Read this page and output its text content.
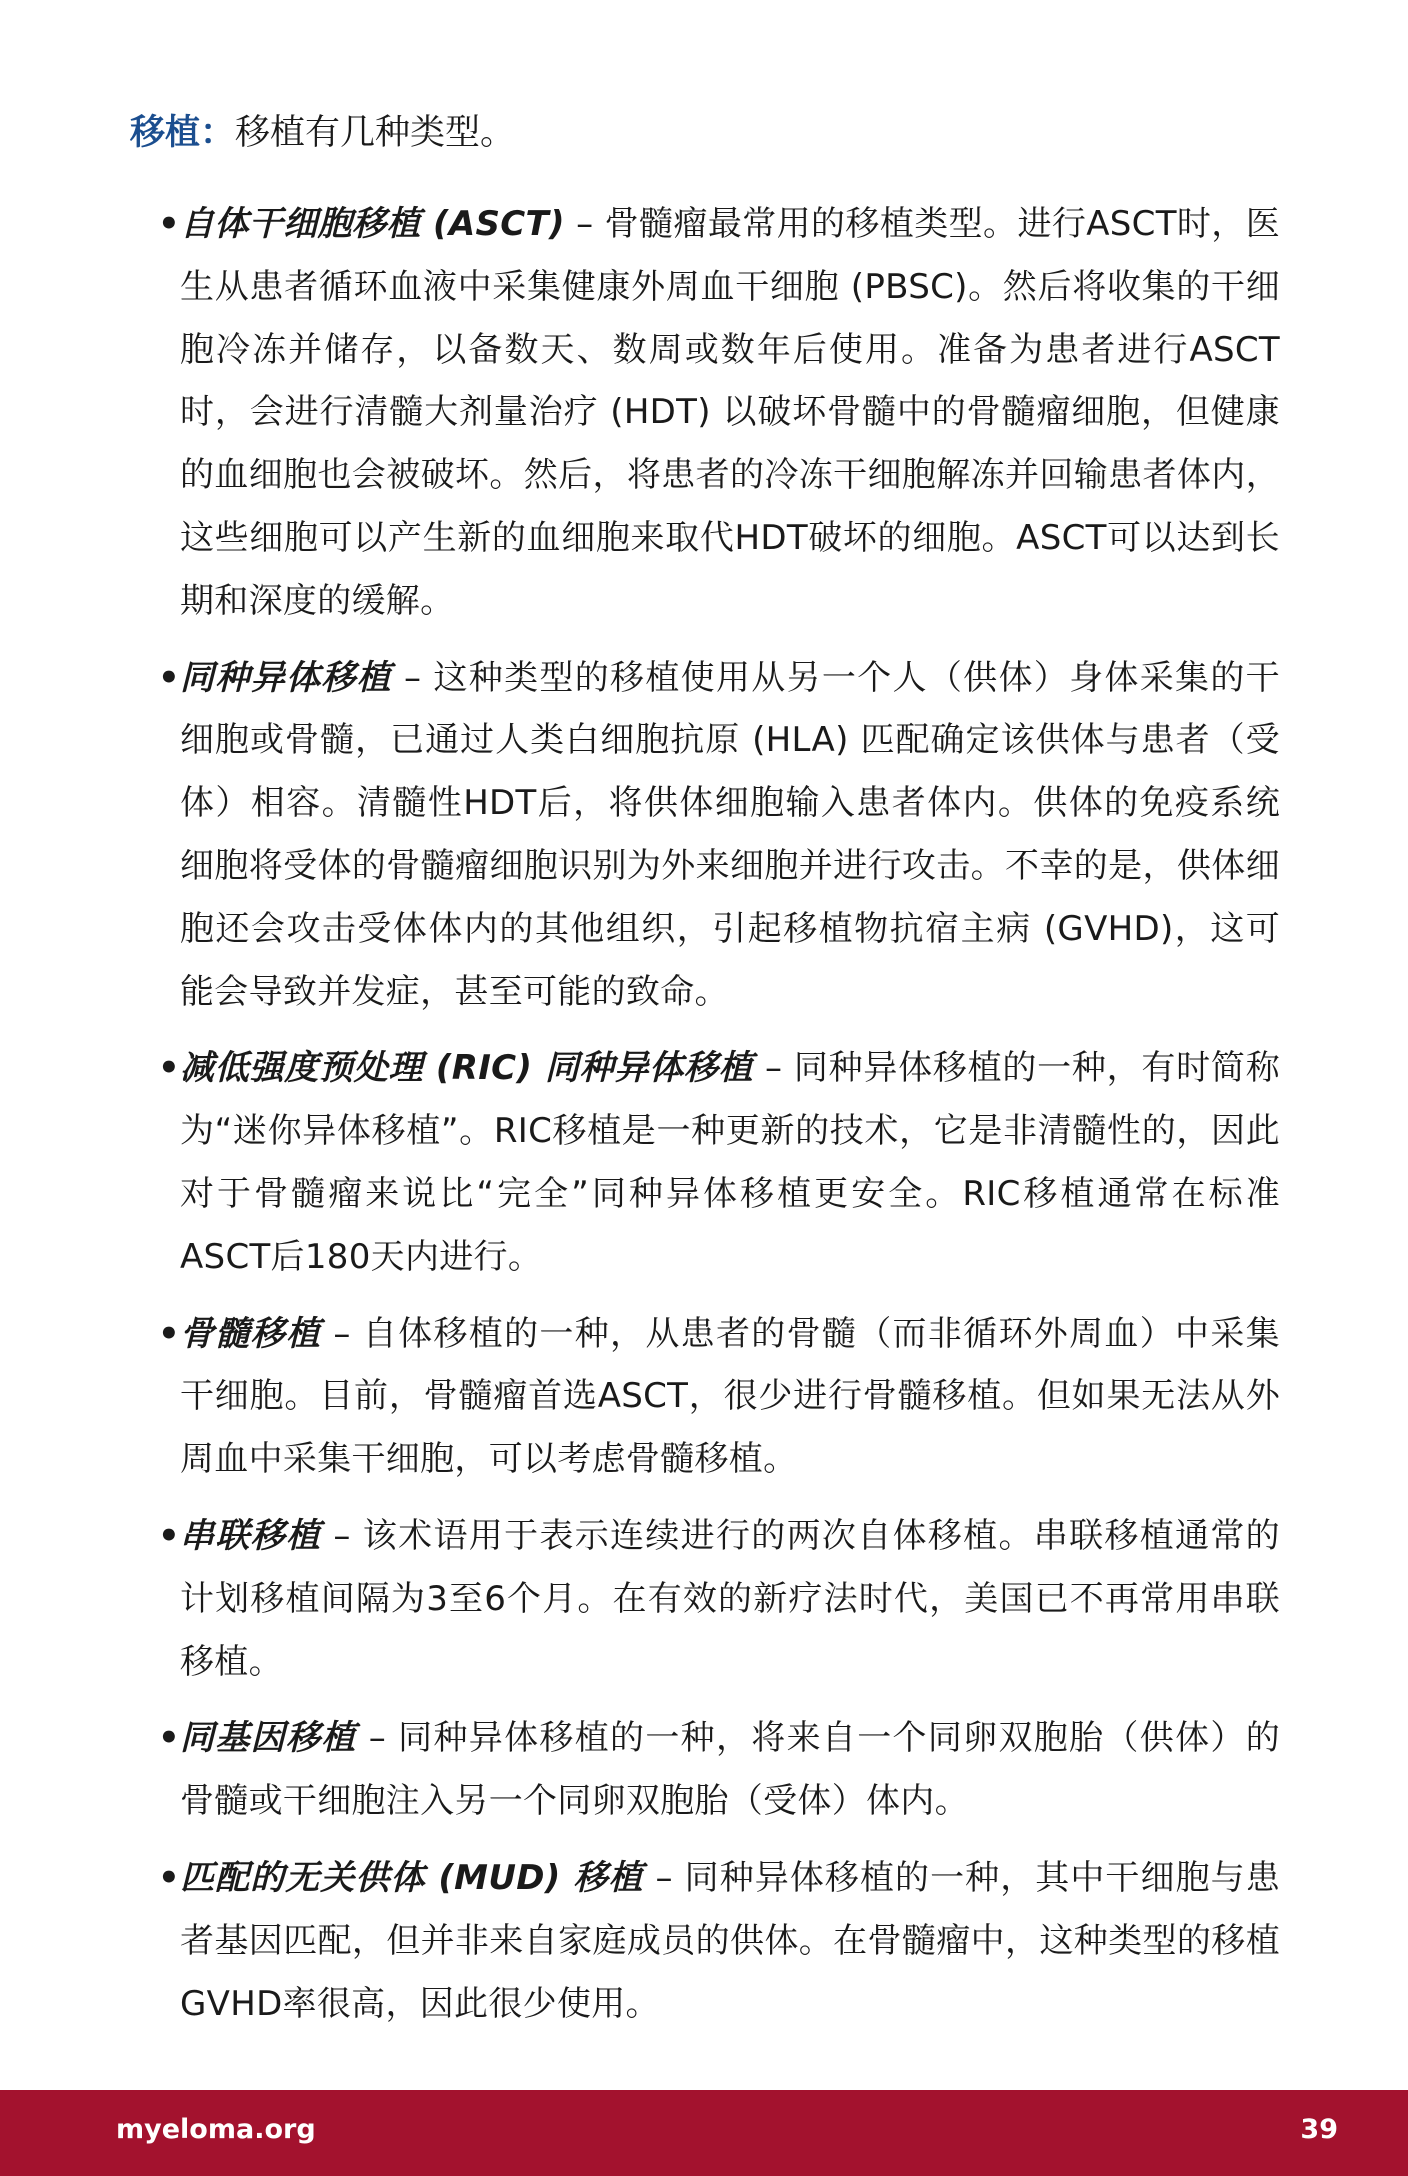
移植：移植有几种类型。

• 自体干细胞移植 (ASCT) – 骨髓瘤最常用的移植类型。进行ASCT时，医生从患者循环血液中采集健康外周血干细胞 (PBSC)。然后将收集的干细胞冷冻并储存，以备数天、数周或数年后使用。准备为患者进行ASCT时，会进行清髓大剂量治疗 (HDT) 以破坏骨髓中的骨髓瘤细胞，但健康的血细胞也会被破坏。然后，将患者的冷冻干细胞解冻并回输患者体内，这些细胞可以产生新的血细胞来取代HDT破坏的细胞。ASCT可以达到长期和深度的缓解。
• 同种异体移植 – 这种类型的移植使用从另一个人（供体）身体采集的干细胞或骨髓，已通过人类白细胞抗原 (HLA) 匹配确定该供体与患者（受体）相容。清髓性HDT后，将供体细胞输入患者体内。供体的免疫系统细胞将受体的骨髓瘤细胞识别为外来细胞并进行攻击。不幸的是，供体细胞还会攻击受体体内的其他组织，引起移植物抗宿主病 (GVHD)，这可能会导致并发症，甚至可能的致命。
• 减低强度预处理 (RIC) 同种异体移植 – 同种异体移植的一种，有时简称为“迷你异体移植”。RIC移植是一种更新的技术，它是非清髓性的，因此对于骨髓瘤来说比“完全”同种异体移植更安全。RIC移植通常在标准ASCT后180天内进行。
• 骨髓移植 – 自体移植的一种，从患者的骨髓（而非循环外周血）中采集干细胞。目前，骨髓瘤首选ASCT，很少进行骨髓移植。但如果无法从外周血中采集干细胞，可以考虑骨髓移植。
• 串联移植 – 该术语用于表示连续进行的两次自体移植。串联移植通常的计划移植间隔为3至6个月。在有效的新疗法时代，美国已不再常用串联移植。
• 同基因移植 – 同种异体移植的一种，将来自一个同卵双胞胎（供体）的骨髓或干细胞注入另一个同卵双胞胎（受体）体内。
• 匹配的无关供体 (MUD) 移植 – 同种异体移植的一种，其中干细胞与患者基因匹配，但并非来自家庭成员的供体。在骨髓瘤中，这种类型的移植GVHD率很高，因此很少使用。
myeloma.org	39
